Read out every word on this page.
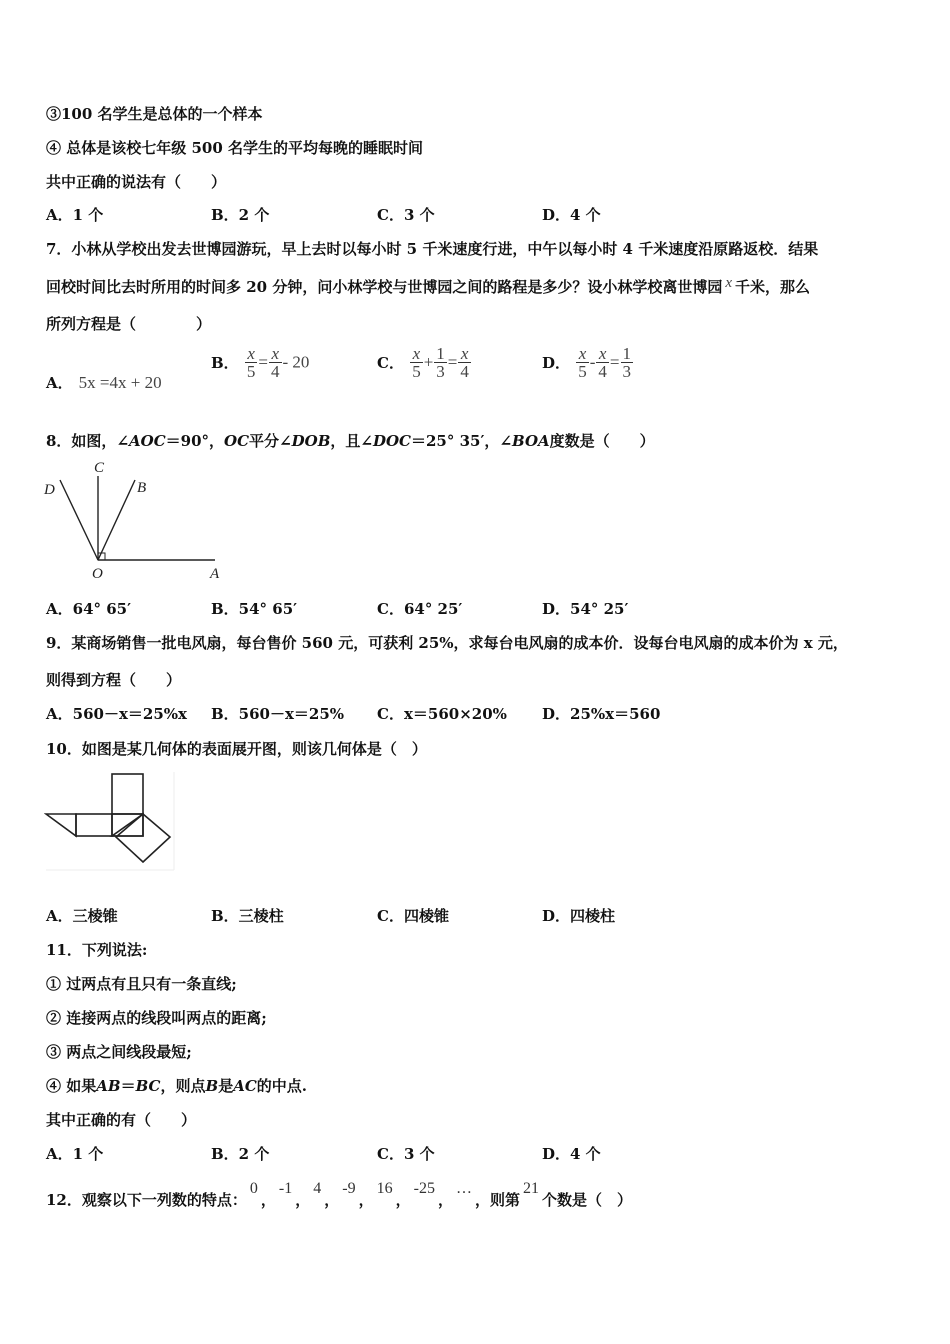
③100 名学生是总体的一个样本
④ 总体是该校七年级 500 名学生的平均每晚的睡眠时间
共中正确的说法有（　　）
A．1 个	B．2 个	C．3 个	D．4 个
7．小林从学校出发去世博园游玩，早上去时以每小时 5 千米速度行进，中午以每小时 4 千米速度沿原路返校．结果
回校时间比去时所用的时间多 20 分钟，问小林学校与世博园之间的路程是多少？设小林学校离世博园 x 千米，那么
所列方程是（　　　　）
A． 5x =4x + 20
B． $\frac{x}{5} = \frac{x}{4} - 20$	C． $\frac{x}{5} + \frac{1}{3} = \frac{x}{4}$	D． $\frac{x}{5} - \frac{x}{4} = \frac{1}{3}$
8．如图，∠AOC＝90°，OC平分∠DOB，且∠DOC＝25° 35′，∠BOA度数是（　　）
C
D	B
O	A
A．64° 65′	B．54° 65′	C．64° 25′	D．54° 25′
9．某商场销售一批电风扇，每台售价 560 元，可获利 25%，求每台电风扇的成本价．设每台电风扇的成本价为 x 元，
则得到方程（　　）
A．560－x＝25%x B．560－x＝25% C．x＝560×20% D．25%x＝560
10．如图是某几何体的表面展开图，则该几何体是（　）
A．三棱锥	B．三棱柱	C．四棱锥	D．四棱柱
11．下列说法:
① 过两点有且只有一条直线;
② 连接两点的线段叫两点的距离;
③ 两点之间线段最短;
④ 如果AB＝BC，则点B是AC的中点.
其中正确的有（　　）
A．1 个	B．2 个	C．3 个	D．4 个
12．观察以下一列数的特点：0，-1，4，-9，16，-25，…，则第21个数是（　）
